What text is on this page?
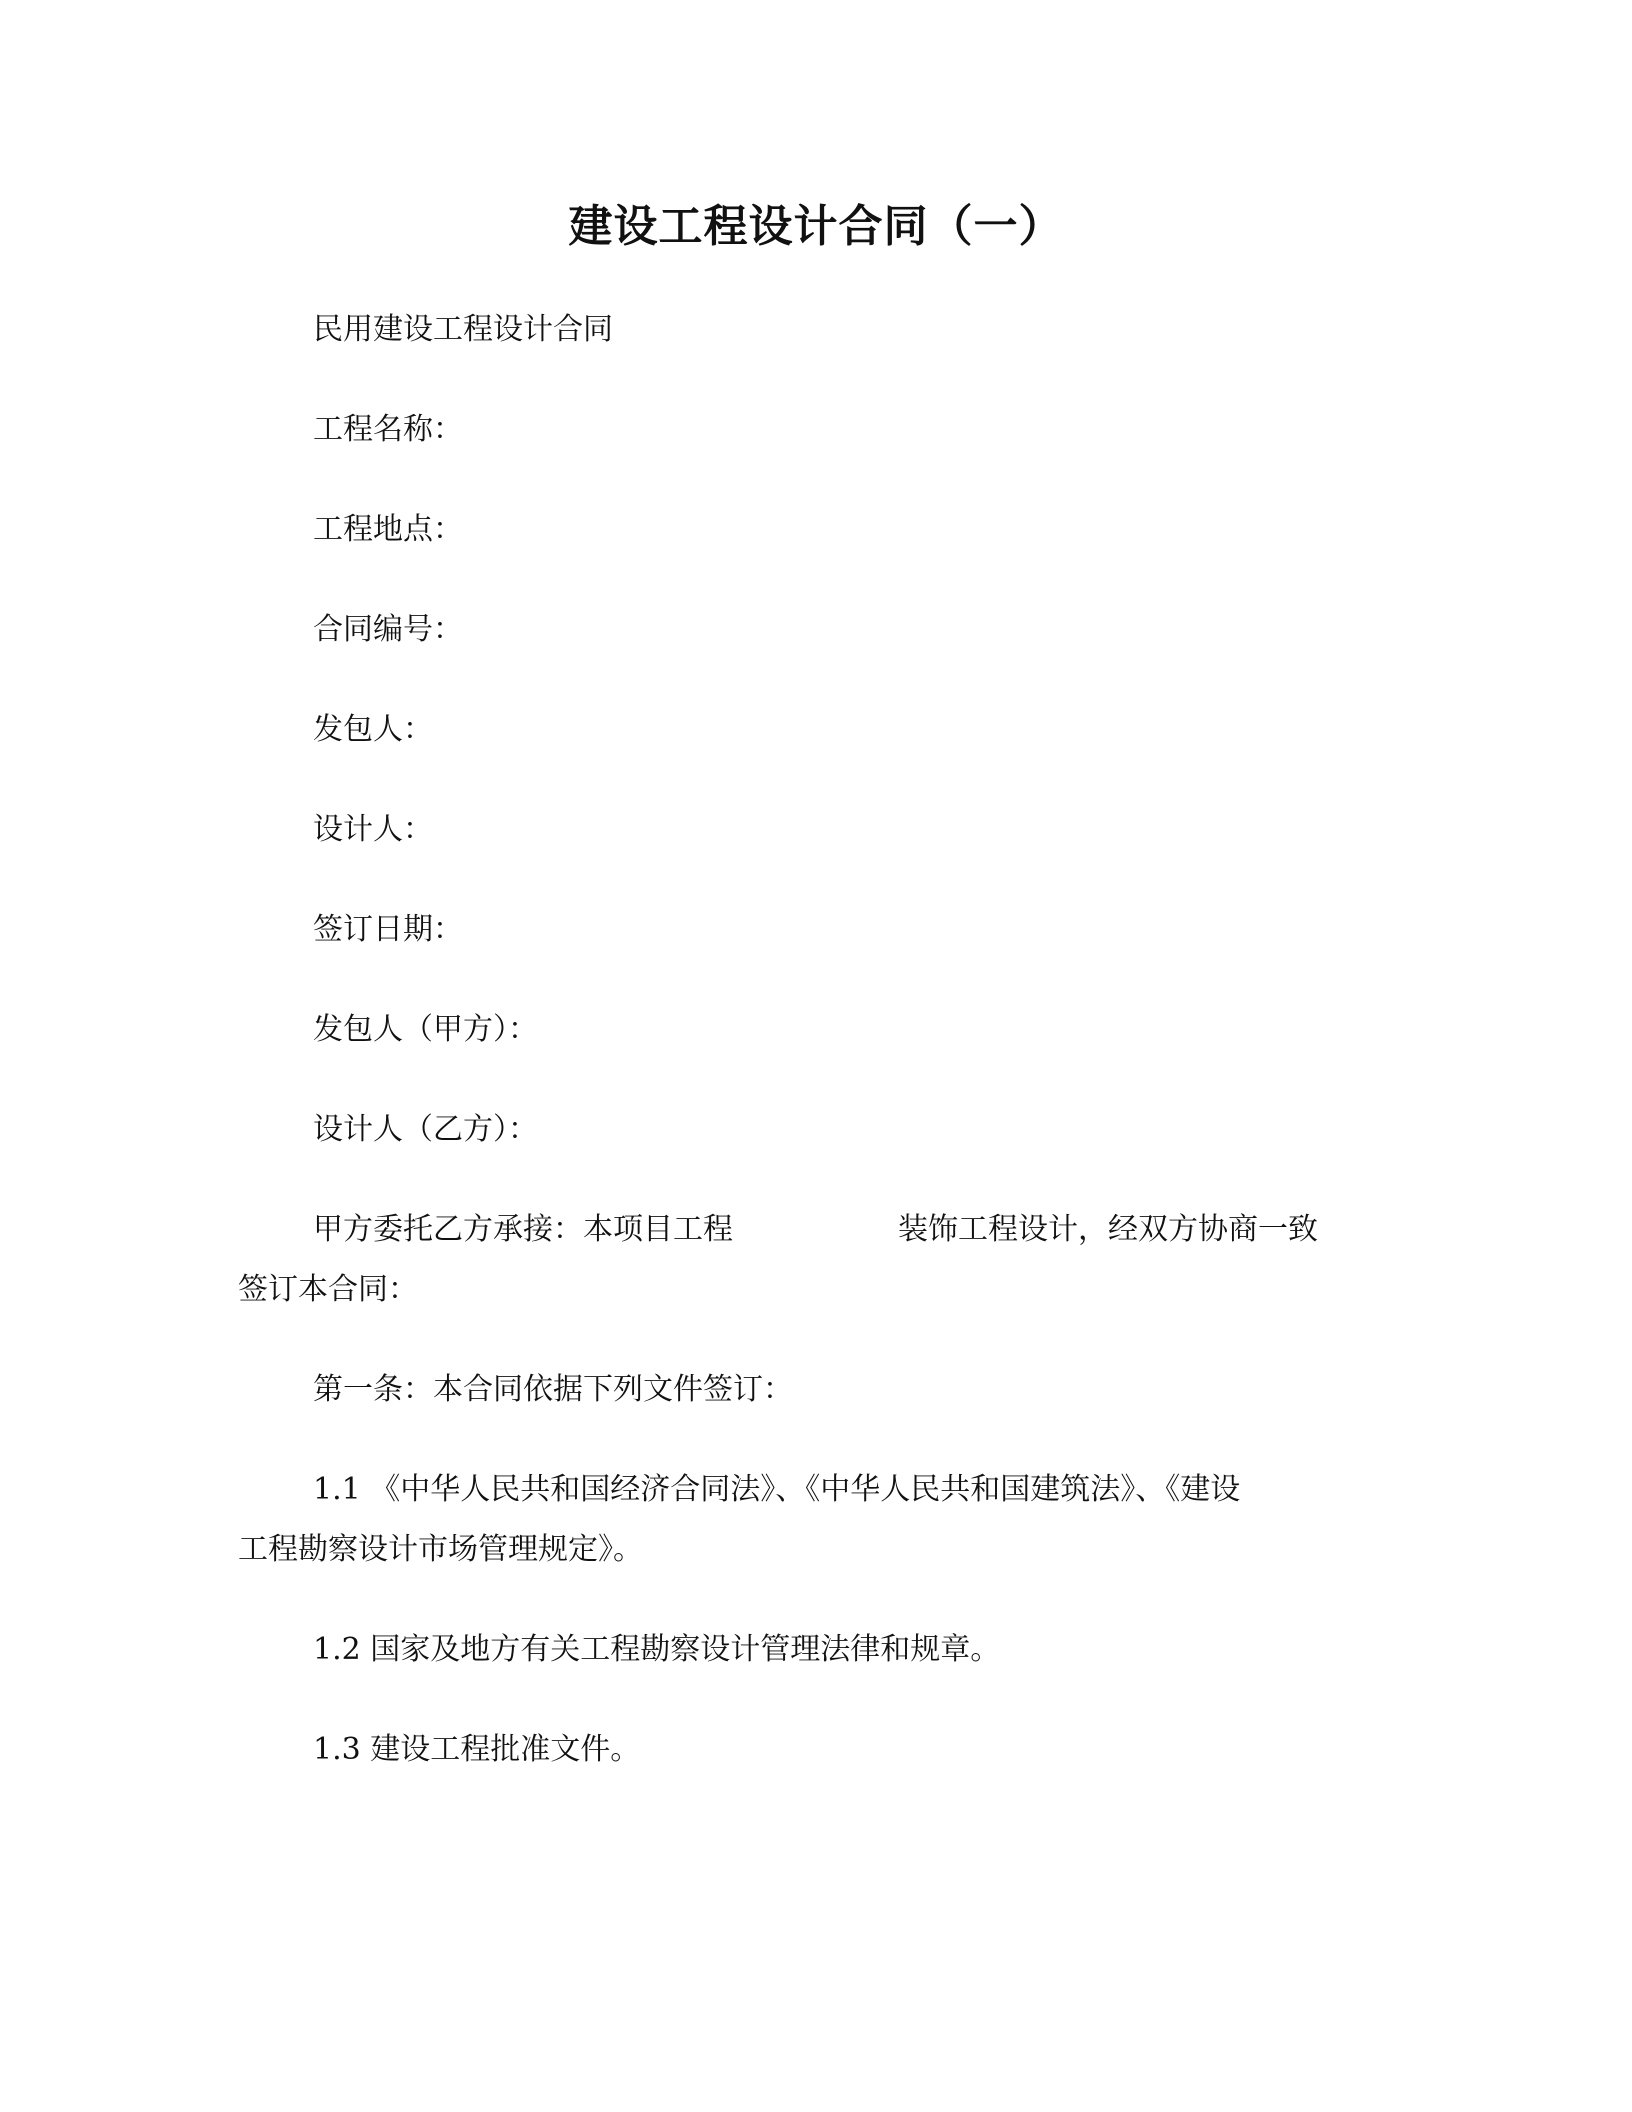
建设工程设计合同（一）
民用建设工程设计合同
工程名称：
工程地点：
合同编号：
发包人：
设计人：
签订日期：
发包人（甲方）：
设计人（乙方）：
甲方委托乙方承接：本项目工程	装饰工程设计，经双方协商一致
签订本合同：
第一条：本合同依据下列文件签订：
1.1 《中华人民共和国经济合同法》、《中华人民共和国建筑法》、《建设
工程勘察设计市场管理规定》。
1.2 国家及地方有关工程勘察设计管理法律和规章。
1.3 建设工程批准文件。
